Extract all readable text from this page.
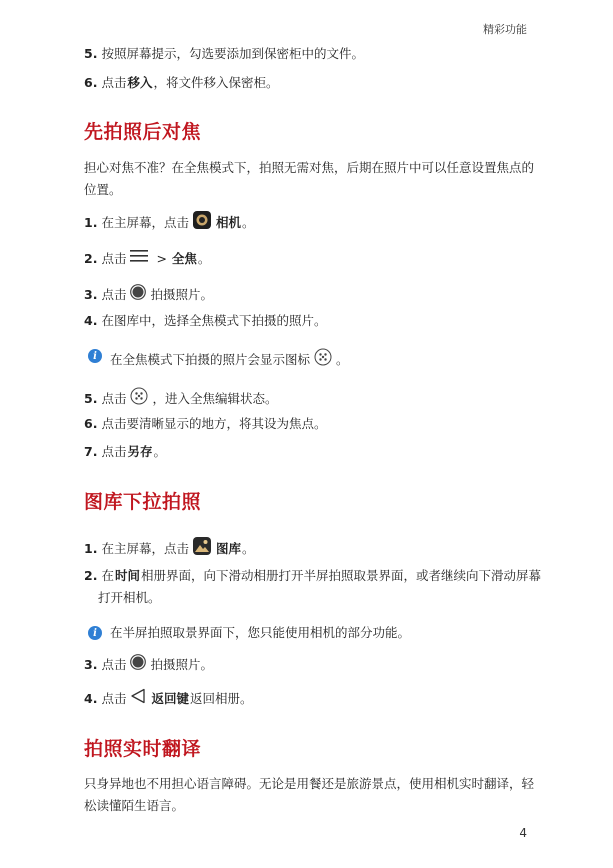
精彩功能
5. 按照屏幕提示，勾选要添加到保密柜中的文件。
6. 点击 移入 ，将文件移入保密柜。
先拍照后对焦
担心对焦不准？在全焦模式下，拍照无需对焦，后期在照片中可以任意设置焦点的位置。
1. 在主屏幕，点击 相机 。
2. 点击 > 全焦 。
3. 点击 拍摄照片。
4. 在图库中，选择全焦模式下拍摄的照片。
i	在全焦模式下拍摄的照片会显示图标 。
5. 点击 ，进入全焦编辑状态。
6. 点击要清晰显示的地方，将其设为焦点。
7. 点击 另存 。
图库下拉拍照
1. 在主屏幕，点击 图库 。
2. 在时间相册界面，向下滑动相册打开半屏拍照取景界面，或者继续向下滑动屏幕打开相机。
i	在半屏拍照取景界面下，您只能使用相机的部分功能。
3. 点击 拍摄照片。
4. 点击 返回键 返回相册。
拍照实时翻译
只身异地也不用担心语言障碍。无论是用餐还是旅游景点，使用相机实时翻译，轻松读懂陌生语言。
4
